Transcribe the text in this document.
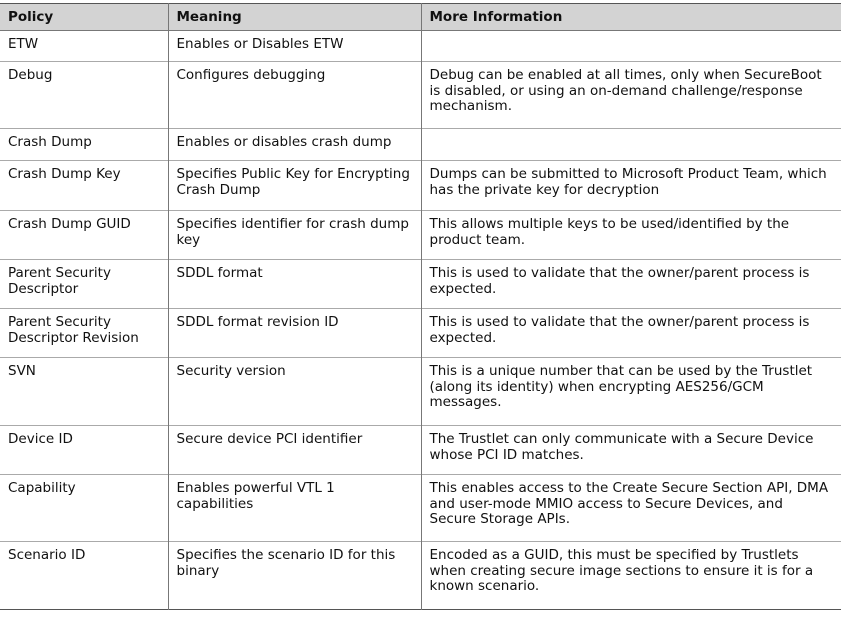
Policy	Meaning	More Information
ETW	Enables or Disables ETW	
Debug	Configures debugging	Debug can be enabled at all times, only when SecureBoot is disabled, or using an on-demand challenge/response mechanism.
Crash Dump	Enables or disables crash dump	
Crash Dump Key	Specifies Public Key for Encrypting Crash Dump	Dumps can be submitted to Microsoft Product Team, which has the private key for decryption
Crash Dump GUID	Specifies identifier for crash dump key	This allows multiple keys to be used/identified by the product team.
Parent Security Descriptor	SDDL format	This is used to validate that the owner/parent process is expected.
Parent Security Descriptor Revision	SDDL format revision ID	This is used to validate that the owner/parent process is expected.
SVN	Security version	This is a unique number that can be used by the Trustlet (along its identity) when encrypting AES256/GCM messages.
Device ID	Secure device PCI identifier	The Trustlet can only communicate with a Secure Device whose PCI ID matches.
Capability	Enables powerful VTL 1 capabilities	This enables access to the Create Secure Section API, DMA and user-mode MMIO access to Secure Devices, and Secure Storage APIs.
Scenario ID	Specifies the scenario ID for this binary	Encoded as a GUID, this must be specified by Trustlets when creating secure image sections to ensure it is for a known scenario.
